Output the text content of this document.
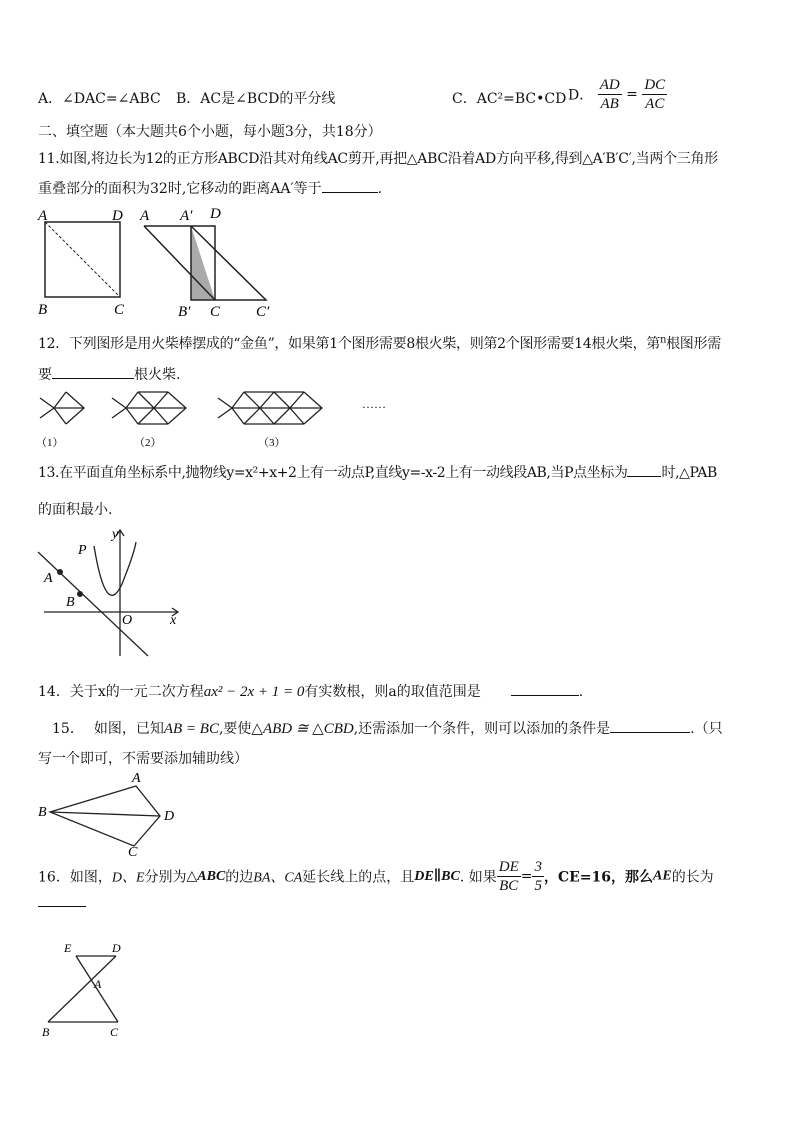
A．∠DAC=∠ABC B．AC是∠BCD的平分线	C．AC²=BC•CD D． $\frac{AD}{AB} = \frac{DC}{AC}$
二、填空题（本大题共6个小题，每小题3分，共18分）
11.如图,将边长为12的正方形ABCD沿其对角线AC剪开,再把△ABC沿着AD方向平移,得到△A′B′C′,当两个三角形
重叠部分的面积为32时,它移动的距离AA′等于	.
A	D
B	C
A A′ D
B′ C C′
12．下列图形是用火柴棒摆成的“金鱼”，如果第1个图形需要8根火柴，则第2个图形需要14根火柴，第$^n$根图形需
要	根火柴.
……
（1）	（2）	（3）
13.在平面直角坐标系中,抛物线y=x²+x+2上有一动点P,直线y=-x-2上有一动线段AB,当P点坐标为 时,△PAB
的面积最小.
y
P
A
B
O	x
14．关于x的一元二次方程ax² − 2x + 1 = 0有实数根，则a的取值范围是	.
15． 如图，已知AB = BC,要使△ABD ≅ △CBD,还需添加一个条件，则可以添加的条件是	.（只
写一个即可，不需要添加辅助线）
A
B	D
C
16．如图，D、E分别为△ABC的边BA、CA延长线上的点，且DE∥BC. 如果 $\frac{DE}{BC} = \frac{3}{5}$ ，CE=16，那么AE的长为
E	D
A
B	C
